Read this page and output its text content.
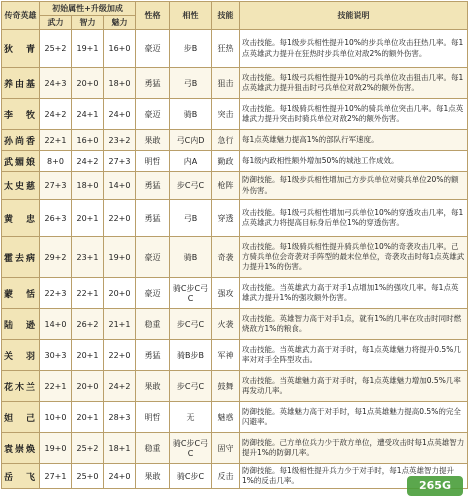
传奇英雄	初始属性+升级加成			性格	相性	技能	技能说明
	武力	智力	魅力				
狄　青	25+2	19+1	16+0	豪迈	步B	狂热	攻击技能。每1级步兵相性提升10%的步兵单位攻击狂热几率。每1点英雄武力提升在狂热时步兵单位对敌2%的额外伤害。
养由基	24+3	20+0	18+0	勇猛	弓B	狙击	攻击技能。每1级弓兵相性提升10%的弓兵单位攻击狙击几率。每1点英雄武力提升狙击时弓兵单位对敌2%的额外伤害。
李　牧	24+2	24+1	24+0	豪迈	骑B	突击	攻击技能。每1级骑兵相性提升10%的骑兵单位突击几率。每1点英雄武力提升突击时骑兵单位对敌2%的额外伤害。
孙尚香	22+1	16+0	23+2	果敢	弓C内D	急行	每1点英雄魅力提高1%的部队行军速度。
武媚娘	8+0	24+2	27+3	明哲	内A	勤政	每1级内政相性额外增加50%的城池工作成效。
太史慈	27+3	18+0	14+0	勇猛	步C弓C	枪阵	防御技能。每1级步兵相性增加己方步兵单位对骑兵单位20%的额外伤害。
黄　忠	26+3	20+1	22+0	勇猛	弓B	穿透	攻击技能。每1级弓兵相性增加弓兵单位10%的穿透攻击几率，每1点英雄武力将提高目标身后单位1%的穿透伤害。
霍去病	29+2	23+1	19+0	豪迈	骑B	奇袭	攻击技能。每1级骑兵相性提升骑兵单位10%的奇袭攻击几率。己方骑兵单位会奇袭对手阵型的最末位单位，奇袭攻击时每1点英雄武力提升1%的伤害。
蒙　恬	22+3	22+1	20+0	豪迈	骑C步C弓C	强攻	攻击技能。当英雄武力高于对手1点增加1%的强攻几率。每1点英雄武力提升1%的强攻额外伤害。
陆　逊	14+0	26+2	21+1	稳重	步C弓C	火袭	攻击技能。英雄智力高于对手1点，就有1%的几率在攻击时同时燃烧敌方1%的粮食。
关　羽	30+3	20+1	22+0	勇猛	骑B步B	军神	攻击技能。当英雄武力高于对手时，每1点英雄魅力将提升0.5%几率对对手全阵型攻击。
花木兰	22+1	20+0	24+2	果敢	步C弓C	鼓舞	攻击技能。当英雄魅力高于对手时，每1点英雄魅力增加0.5%几率再发动几率。
妲　己	10+0	20+1	28+3	明哲	无	魅惑	防御技能。英雄魅力高于对手时，每1点英雄魅力提高0.5%的完全闪避率。
袁崇焕	19+0	25+2	18+1	稳重	骑C步C弓C	固守	防御技能。己方单位兵力少于敌方单位，遭受攻击时每1点英雄智力提升1%的防御几率。
岳　飞	27+1	25+0	24+0	果敢	骑C步C	反击	防御技能。每1级相性提升兵力少于对手时，每1点英雄智力提升1%的反击几率。	265G
